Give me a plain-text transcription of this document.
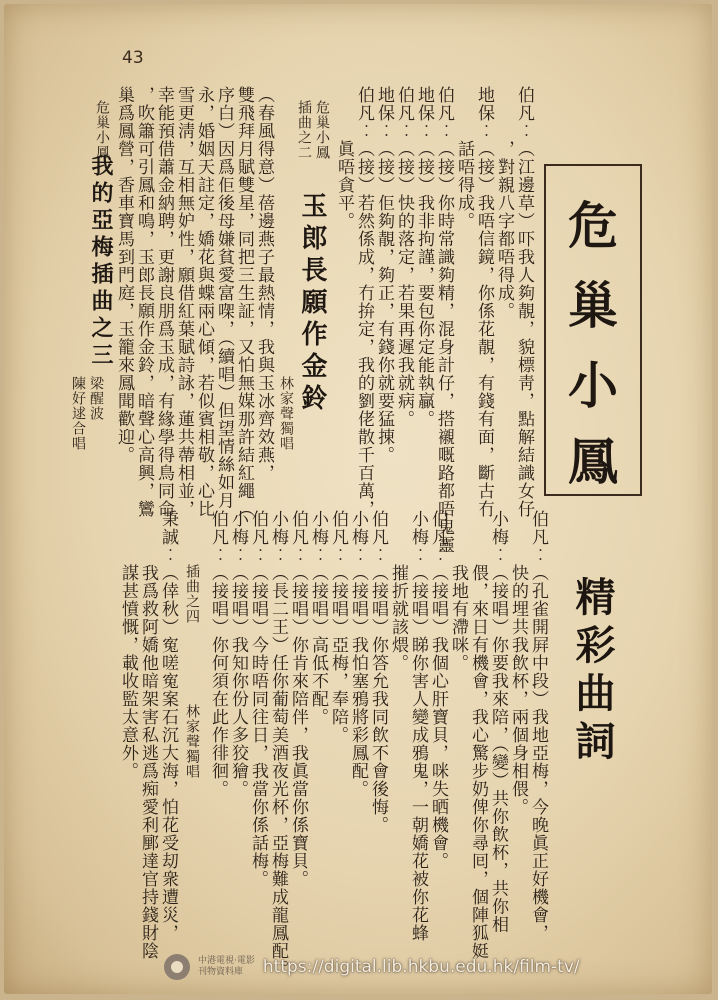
43
危
巢
小
鳳
伯凡︰（江邊草）吓我人夠靚，貌標靑，點解結識女仔
　　　，對親八字都唔得成。
地保︰（接）我唔信鏡，你係花靚，有錢有面，斷古冇
　　　話唔得成。
伯凡︰（接）你時常識夠精，混身計仔，搭襯嘅路都唔鬼靈
地保︰（接）我非拘謹，要包你定能執贏。
伯凡︰（接）快的落定，若果再遲我就病。
地保︰（接）佢夠靚，夠正，有錢你就要猛㨂。
伯凡︰（接）若然係成，冇拚定，我的劉佬散千百萬，
　　　眞唔貪平。
危巢小鳳
插曲之二
玉郎長願作金鈴
林家聲獨唱
（春風得意）蓓邊燕子最熱情，我與玉冰齊效燕，
雙飛拜月賦雙星，同把三生証，又怕無媒那許結紅繩（
序白）因爲佢後母嫌貧愛富㗎，（續唱）但望情絲如月
永，婚姻天註定，嬌花與蝶兩心傾，若似賓相敬，心比
雪更淸，互相無妒性，願借紅葉賦詩詠，蓮共蔕相並，
幸能預借蕭金納聘，更謝良朋爲玉成，有緣學得鳥同命
，吹簫可引鳳和鳴，玉郎長願作金鈴，暗聲心高興，鸞
巢爲鳳營，香車寶馬到門庭，玉籠來鳳聞歡迎。
危巢小鳳
我的亞梅插曲之三
梁醒波
陳好逑合唱
精彩曲詞
伯凡︰（孔雀開屛中段）我地亞梅，今晚眞正好機會，
　　　快的埋共我飲杯，兩個身相偎。
小梅︰（接唱）你要我來陪，（變）共你飲杯，共你相
　　　偎，來日有機會，我心驚步奶俾你尋囘，個陣狐娗
　　　我地有滯咪。
伯凡︰（接唱）我個心肝寶貝，咪失晒機會。
小梅︰（接唱）睇你害人變成鴉鬼，一朝嬌花被你花蜂
　　　摧折就該煨。
伯凡︰（接唱）你答允我同飲不會後悔。
小梅︰（接唱）我怕塞鴉將彩鳳配。
伯凡︰（接唱）亞梅，奉陪。
小梅︰（接唱）高低不配。
伯凡︰（接唱）你肯來陪伴，我眞當你係寶貝。
小梅︰（長二王）任你葡萄美酒夜光杯，亞梅難成龍鳳配。
伯凡︰（接唱）今時唔同往日，我當你係話梅。
小梅︰（接唱）我知你份人多狡獪。
伯凡︰（接唱）你何須在此作徘徊。
插曲之四
林家聲獨唱
秉誠︰（倖秋）寃嗟寃案石沉大海，怕花受刧衆遭災，
　　　我爲救阿嬌他暗架害私逃爲痴愛利䣑達官持錢財陰
　　　謀甚憤慨，載收監太意外。
中港電視·電影
刊物資料庫	https://digital.lib.hkbu.edu.hk/film-tv/
